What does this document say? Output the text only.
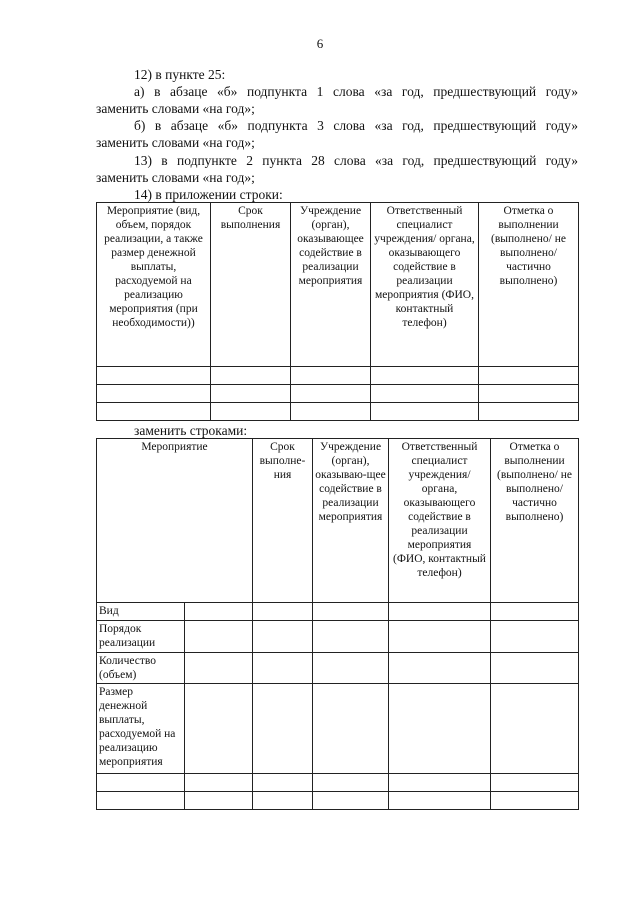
6

12) в пункте 25:

а) в абзаце «б» подпункта 1 слова «за год, предшествующий году»

заменить словами «на год»;

б) в абзаце «б» подпункта 3 слова «за год, предшествующий году»

заменить словами «на год»;

13) в подпункте 2 пункта 28 слова «за год, предшествующий году»

заменить словами «на год»;

14) в приложении строки:

Мероприятие (вид, объем, порядок реализации, а также размер денежной выплаты, расходуемой на реализацию мероприятия (при необходимости))	Срок выполнения	Учреждение (орган), оказывающее содействие в реализации мероприятия	Ответственный специалист учреждения/ органа, оказывающего содействие в реализации мероприятия (ФИО, контактный телефон)	Отметка о выполнении (выполнено/ не выполнено/ частично выполнено)

заменить строками:

Мероприятие		Срок выполне-ния	Учреждение (орган), оказываю-щее содействие в реализации мероприятия	Ответственный специалист учреждения/ органа, оказывающего содействие в реализации мероприятия (ФИО, контактный телефон)	Отметка о выполнении (выполнено/ не выполнено/ частично выполнено)
Вид					
Порядок реализации					
Количество (объем)					
Размер денежной выплаты, расходуемой на реализацию мероприятия					
